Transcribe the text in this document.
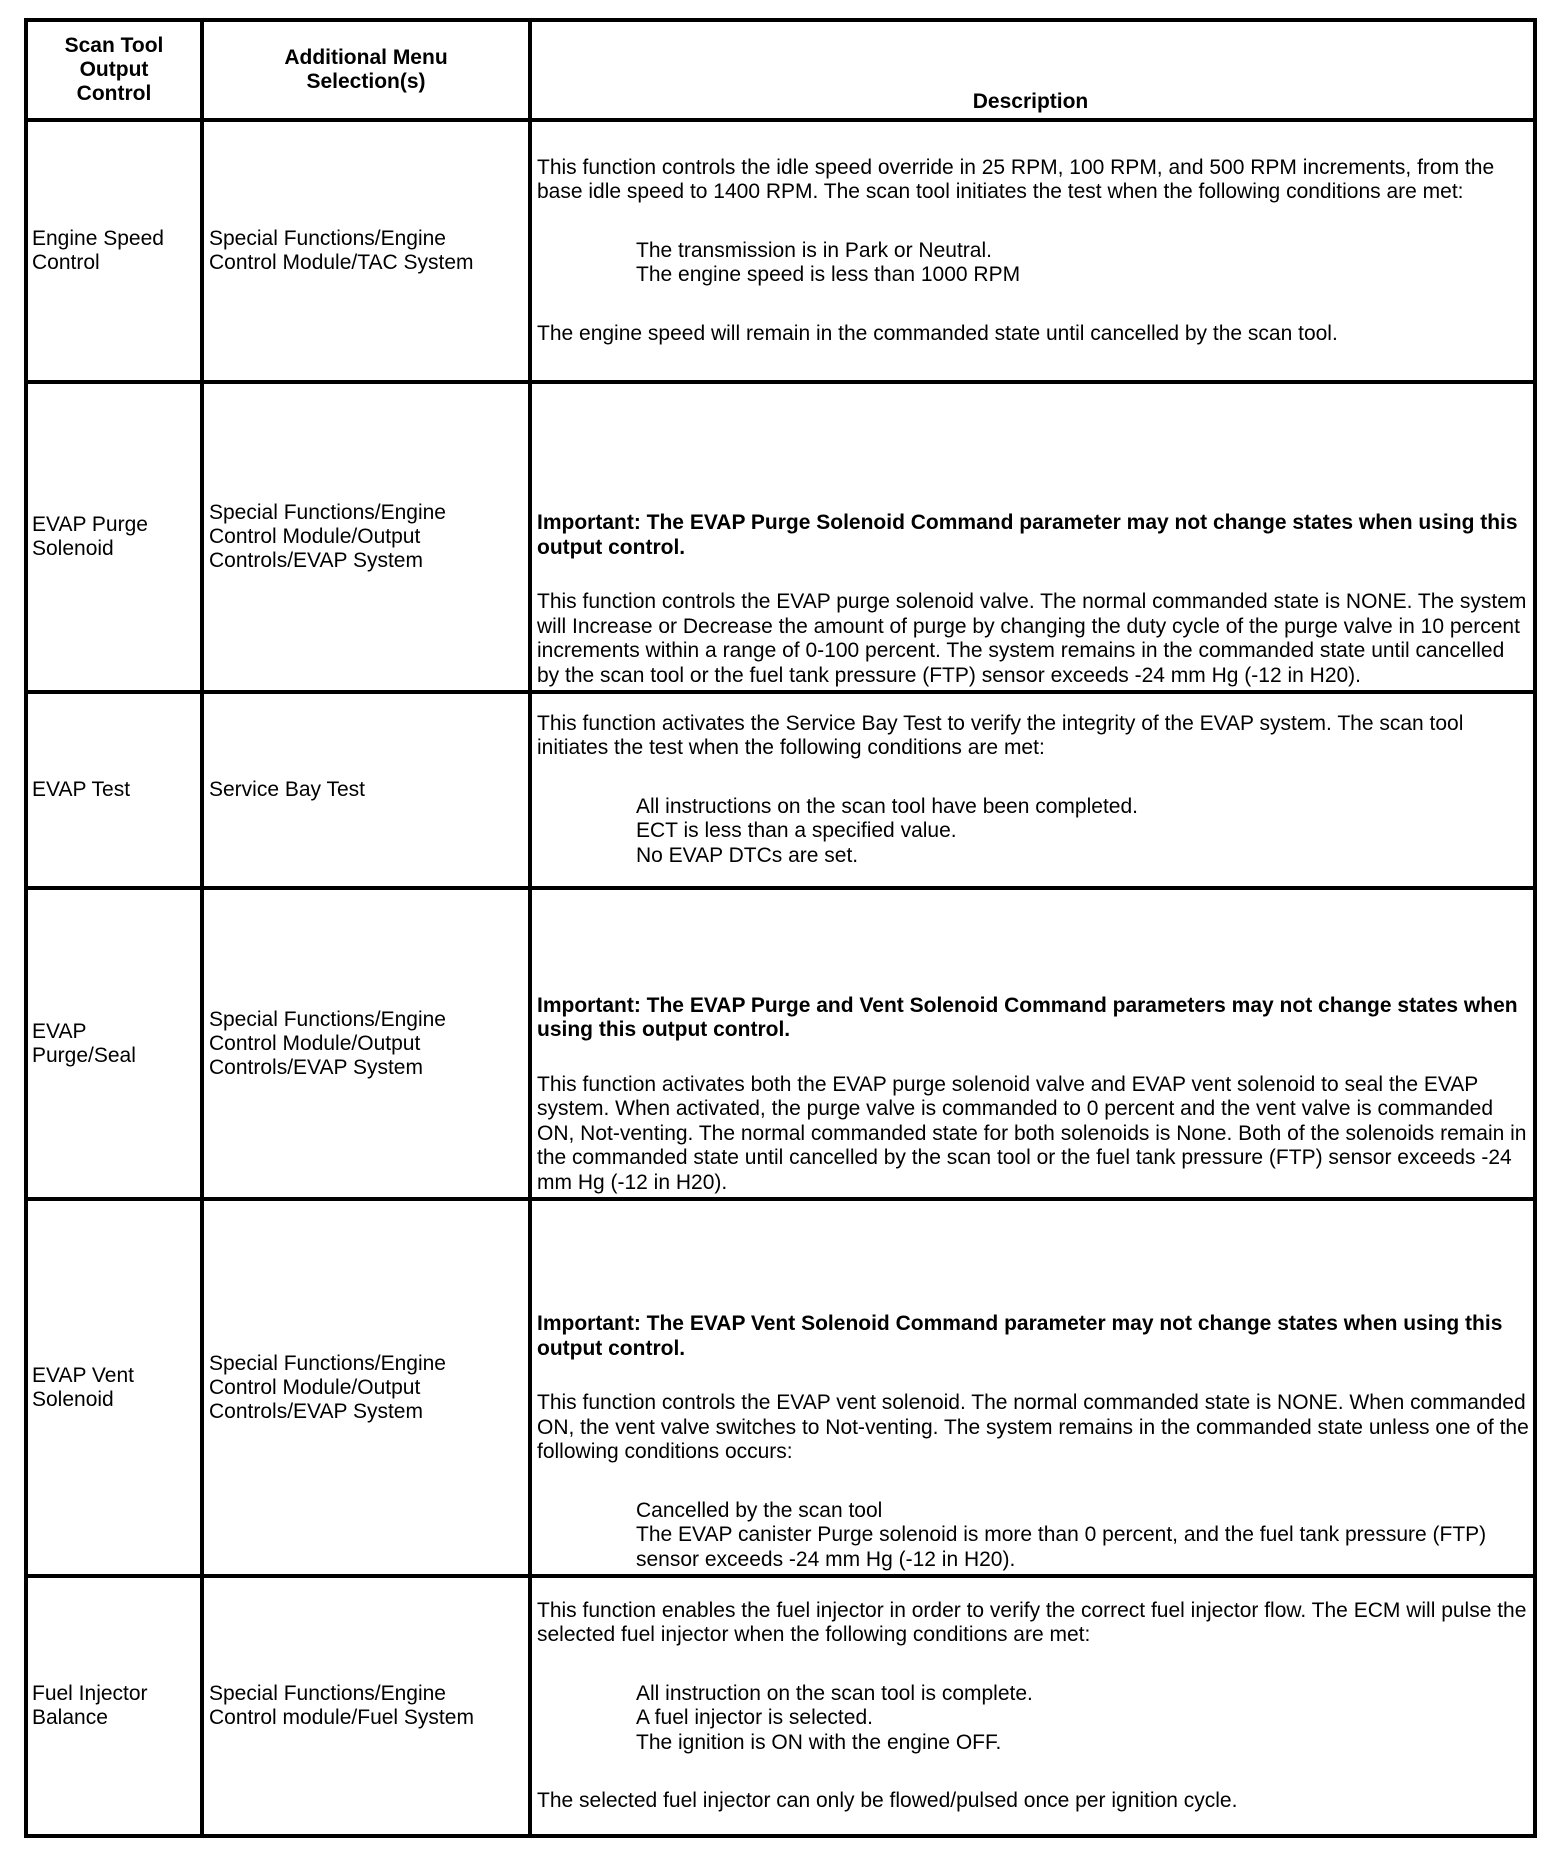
Scan Tool Output Control
Additional Menu Selection(s)
Description
Engine Speed Control
Special Functions/Engine Control Module/TAC System
This function controls the idle speed override in 25 RPM, 100 RPM, and 500 RPM increments, from the base idle speed to 1400 RPM. The scan tool initiates the test when the following conditions are met:
The transmission is in Park or Neutral.
The engine speed is less than 1000 RPM
The engine speed will remain in the commanded state until cancelled by the scan tool.
EVAP Purge Solenoid
Special Functions/Engine Control Module/Output Controls/EVAP System
Important: The EVAP Purge Solenoid Command parameter may not change states when using this output control.
This function controls the EVAP purge solenoid valve. The normal commanded state is NONE. The system will Increase or Decrease the amount of purge by changing the duty cycle of the purge valve in 10 percent increments within a range of 0-100 percent. The system remains in the commanded state until cancelled by the scan tool or the fuel tank pressure (FTP) sensor exceeds -24 mm Hg (-12 in H20).
EVAP Test	Service Bay Test
This function activates the Service Bay Test to verify the integrity of the EVAP system. The scan tool initiates the test when the following conditions are met:
All instructions on the scan tool have been completed.
ECT is less than a specified value.
No EVAP DTCs are set.
EVAP Purge/Seal
Special Functions/Engine Control Module/Output Controls/EVAP System
Important: The EVAP Purge and Vent Solenoid Command parameters may not change states when using this output control.
This function activates both the EVAP purge solenoid valve and EVAP vent solenoid to seal the EVAP system. When activated, the purge valve is commanded to 0 percent and the vent valve is commanded ON, Not-venting. The normal commanded state for both solenoids is None. Both of the solenoids remain in the commanded state until cancelled by the scan tool or the fuel tank pressure (FTP) sensor exceeds -24 mm Hg (-12 in H20).
EVAP Vent Solenoid
Special Functions/Engine Control Module/Output Controls/EVAP System
Important: The EVAP Vent Solenoid Command parameter may not change states when using this output control.
This function controls the EVAP vent solenoid. The normal commanded state is NONE. When commanded ON, the vent valve switches to Not-venting. The system remains in the commanded state unless one of the following conditions occurs:
Cancelled by the scan tool
The EVAP canister Purge solenoid is more than 0 percent, and the fuel tank pressure (FTP) sensor exceeds -24 mm Hg (-12 in H20).
Fuel Injector Balance
Special Functions/Engine Control module/Fuel System
This function enables the fuel injector in order to verify the correct fuel injector flow. The ECM will pulse the selected fuel injector when the following conditions are met:
All instruction on the scan tool is complete.
A fuel injector is selected.
The ignition is ON with the engine OFF.
The selected fuel injector can only be flowed/pulsed once per ignition cycle.
